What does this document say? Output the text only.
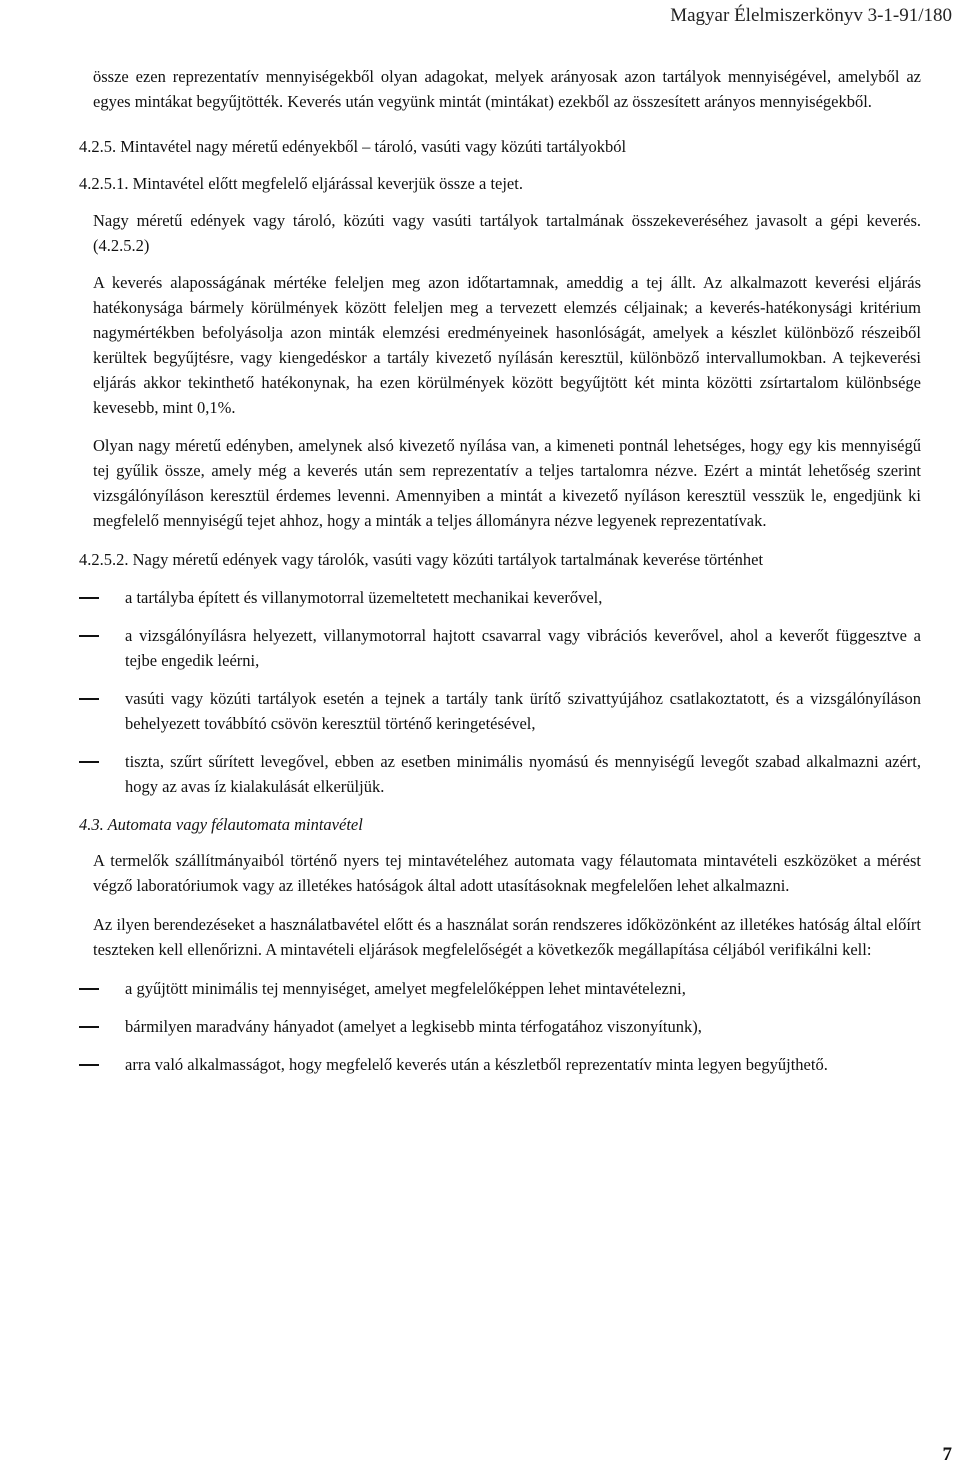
Magyar Élelmiszerkönyv 3-1-91/180

össze ezen reprezentatív mennyiségekből olyan adagokat, melyek arányosak azon tartályok mennyiségével, amelyből az egyes mintákat begyűjtötték. Keverés után vegyünk mintát (mintákat) ezekből az összesített arányos mennyiségekből.

4.2.5. Mintavétel nagy méretű edényekből – tároló, vasúti vagy közúti tartályokból

4.2.5.1. Mintavétel előtt megfelelő eljárással keverjük össze a tejet.

Nagy méretű edények vagy tároló, közúti vagy vasúti tartályok tartalmának összekeveréséhez javasolt a gépi keverés. (4.2.5.2)

A keverés alaposságának mértéke feleljen meg azon időtartamnak, ameddig a tej állt. Az alkalmazott keverési eljárás hatékonysága bármely körülmények között feleljen meg a tervezett elemzés céljainak; a keverés-hatékonysági kritérium nagymértékben befolyásolja azon minták elemzési eredményeinek hasonlóságát, amelyek a készlet különböző részeiből kerültek begyűjtésre, vagy kiengedéskor a tartály kivezető nyílásán keresztül, különböző intervallumokban. A tejkeverési eljárás akkor tekinthető hatékonynak, ha ezen körülmények között begyűjtött két minta közötti zsírtartalom különbsége kevesebb, mint 0,1%.

Olyan nagy méretű edényben, amelynek alsó kivezető nyílása van, a kimeneti pontnál lehetséges, hogy egy kis mennyiségű tej gyűlik össze, amely még a keverés után sem reprezentatív a teljes tartalomra nézve. Ezért a mintát lehetőség szerint vizsgálónyíláson keresztül érdemes levenni. Amennyiben a mintát a kivezető nyíláson keresztül vesszük le, engedjünk ki megfelelő mennyiségű tejet ahhoz, hogy a minták a teljes állományra nézve legyenek reprezentatívak.

4.2.5.2. Nagy méretű edények vagy tárolók, vasúti vagy közúti tartályok tartalmának keverése történhet

a tartályba épített és villanymotorral üzemeltetett mechanikai keverővel,
a vizsgálónyílásra helyezett, villanymotorral hajtott csavarral vagy vibrációs keverővel, ahol a keverőt függesztve a tejbe engedik leérni,
vasúti vagy közúti tartályok esetén a tejnek a tartály tank ürítő szivattyújához csatlakoztatott, és a vizsgálónyíláson behelyezett továbbító csövön keresztül történő keringetésével,
tiszta, szűrt sűrített levegővel, ebben az esetben minimális nyomású és mennyiségű levegőt szabad alkalmazni azért, hogy az avas íz kialakulását elkerüljük.

4.3. Automata vagy félautomata mintavétel

A termelők szállítmányaiból történő nyers tej mintavételéhez automata vagy félautomata mintavételi eszközöket a mérést végző laboratóriumok vagy az illetékes hatóságok által adott utasításoknak megfelelően lehet alkalmazni.

Az ilyen berendezéseket a használatbavétel előtt és a használat során rendszeres időközönként az illetékes hatóság által előírt teszteken kell ellenőrizni. A mintavételi eljárások megfelelőségét a következők megállapítása céljából verifikálni kell:

a gyűjtött minimális tej mennyiséget, amelyet megfelelőképpen lehet mintavételezni,
bármilyen maradvány hányadot (amelyet a legkisebb minta térfogatához viszonyítunk),
arra való alkalmasságot, hogy megfelelő keverés után a készletből reprezentatív minta legyen begyűjthető.
7
